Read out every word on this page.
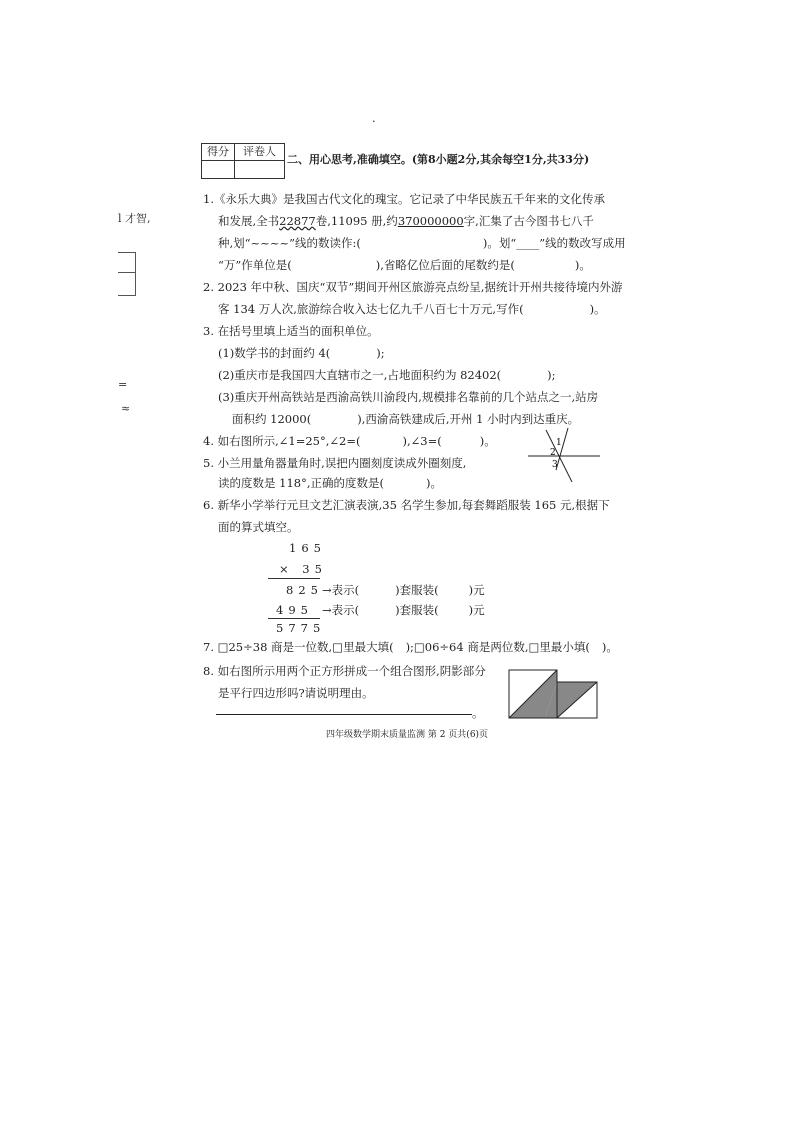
·
l 才智,
=
≈
得分	评卷人
二、用心思考,准确填空。(第8小题2分,其余每空1分,共33分)
1.《永乐大典》是我国古代文化的瑰宝。它记录了中华民族五千年来的文化传承
和发展,全书22877卷,11095 册,约370000000字,汇集了古今图书七八千
种,划“~~~~”线的数读作:(	)。划“____”线的数改写成用
“万”作单位是(	),省略亿位后面的尾数约是(	)。
2. 2023 年中秋、国庆“双节”期间开州区旅游亮点纷呈,据统计开州共接待境内外游
客 134 万人次,旅游综合收入达七亿九千八百七十万元,写作(	)。
3. 在括号里填上适当的面积单位。
(1)数学书的封面约 4(	);
(2)重庆市是我国四大直辖市之一,占地面积约为 82402(	);
(3)重庆开州高铁站是西渝高铁川渝段内,规模排名靠前的几个站点之一,站房
面积约 12000(	),西渝高铁建成后,开州 1 小时内到达重庆。
4. 如右图所示,∠1=25°,∠2=(	),∠3=(	)。	1
2
3
5. 小兰用量角器量角时,误把内圈刻度读成外圈刻度,
读的度数是 118°,正确的度数是(	)。
6. 新华小学举行元旦文艺汇演表演,35 名学生参加,每套舞蹈服装 165 元,根据下
面的算式填空。
165
× 35
825 →表示(	)套服装(	)元
495 →表示(	)套服装(	)元
5775
7. □25÷38 商是一位数,□里最大填( );□06÷64 商是两位数,□里最小填( )。
8. 如右图所示用两个正方形拼成一个组合图形,阴影部分
是平行四边形吗?请说明理由。
。
四年级数学期末质量监测 第 2 页共(6)页
